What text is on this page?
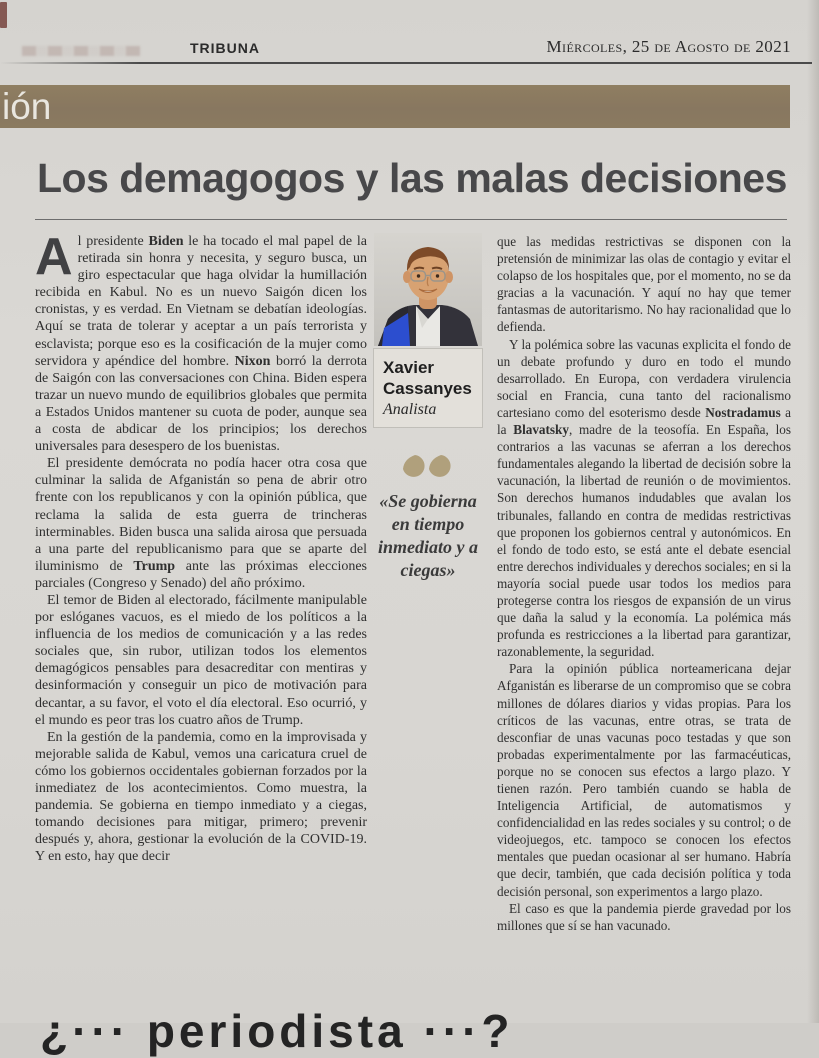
TRIBUNA	Miércoles, 25 de Agosto de 2021
ión
Los demagogos y las malas decisiones

Al presidente Biden le ha tocado el mal papel de la retirada sin honra y necesita, y seguro busca, un giro espectacular que haga olvidar la humillación recibida en Kabul. No es un nuevo Saigón dicen los cronistas, y es verdad. En Vietnam se debatían ideologías. Aquí se trata de tolerar y aceptar a un país terrorista y esclavista; porque eso es la cosificación de la mujer como servidora y apéndice del hombre. Nixon borró la derrota de Saigón con las conversaciones con China. Biden espera trazar un nuevo mundo de equilibrios globales que permita a Estados Unidos mantener su cuota de poder, aunque sea a costa de abdicar de los principios; los derechos universales para desespero de los buenistas.

El presidente demócrata no podía hacer otra cosa que culminar la salida de Afganistán so pena de abrir otro frente con los republicanos y con la opinión pública, que reclama la salida de esta guerra de trincheras interminables. Biden busca una salida airosa que persuada a una parte del republicanismo para que se aparte del iluminismo de Trump ante las próximas elecciones parciales (Congreso y Senado) del año próximo.

El temor de Biden al electorado, fácilmente manipulable por eslóganes vacuos, es el miedo de los políticos a la influencia de los medios de comunicación y a las redes sociales que, sin rubor, utilizan todos los elementos demagógicos pensables para desacreditar con mentiras y desinformación y conseguir un pico de motivación para decantar, a su favor, el voto el día electoral. Eso ocurrió, y el mundo es peor tras los cuatro años de Trump.

En la gestión de la pandemia, como en la improvisada y mejorable salida de Kabul, vemos una caricatura cruel de cómo los gobiernos occidentales gobiernan forzados por la inmediatez de los acontecimientos. Como muestra, la pandemia. Se gobierna en tiempo inmediato y a ciegas, tomando decisiones para mitigar, primero; prevenir después y, ahora, gestionar la evolución de la COVID-19. Y en esto, hay que decir

Xavier
Cassanyes
Analista
«Se gobierna en tiempo inmediato y a ciegas»

que las medidas restrictivas se disponen con la pretensión de minimizar las olas de contagio y evitar el colapso de los hospitales que, por el momento, no se da gracias a la vacunación. Y aquí no hay que temer fantasmas de autoritarismo. No hay racionalidad que lo defienda.

Y la polémica sobre las vacunas explicita el fondo de un debate profundo y duro en todo el mundo desarrollado. En Europa, con verdadera virulencia social en Francia, cuna tanto del racionalismo cartesiano como del esoterismo desde Nostradamus a la Blavatsky, madre de la teosofía. En España, los contrarios a las vacunas se aferran a los derechos fundamentales alegando la libertad de decisión sobre la vacunación, la libertad de reunión o de movimientos. Son derechos humanos indudables que avalan los tribunales, fallando en contra de medidas restrictivas que proponen los gobiernos central y autonómicos. En el fondo de todo esto, se está ante el debate esencial entre derechos individuales y derechos sociales; en si la mayoría social puede usar todos los medios para protegerse contra los riesgos de expansión de un virus que daña la salud y la economía. La polémica más profunda es restricciones a la libertad para garantizar, razonablemente, la seguridad.

Para la opinión pública norteamericana dejar Afganistán es liberarse de un compromiso que se cobra millones de dólares diarios y vidas propias. Para los críticos de las vacunas, entre otras, se trata de desconfiar de unas vacunas poco testadas y que son probadas experimentalmente por las farmacéuticas, porque no se conocen sus efectos a largo plazo. Y tienen razón. Pero también cuando se habla de Inteligencia Artificial, de automatismos y confidencialidad en las redes sociales y su control; o de videojuegos, etc. tampoco se conocen los efectos mentales que puedan ocasionar al ser humano. Habría que decir, también, que cada decisión política y toda decisión personal, son experimentos a largo plazo.

El caso es que la pandemia pierde gravedad por los millones que sí se han vacunado.

¿··· periodista ···?
